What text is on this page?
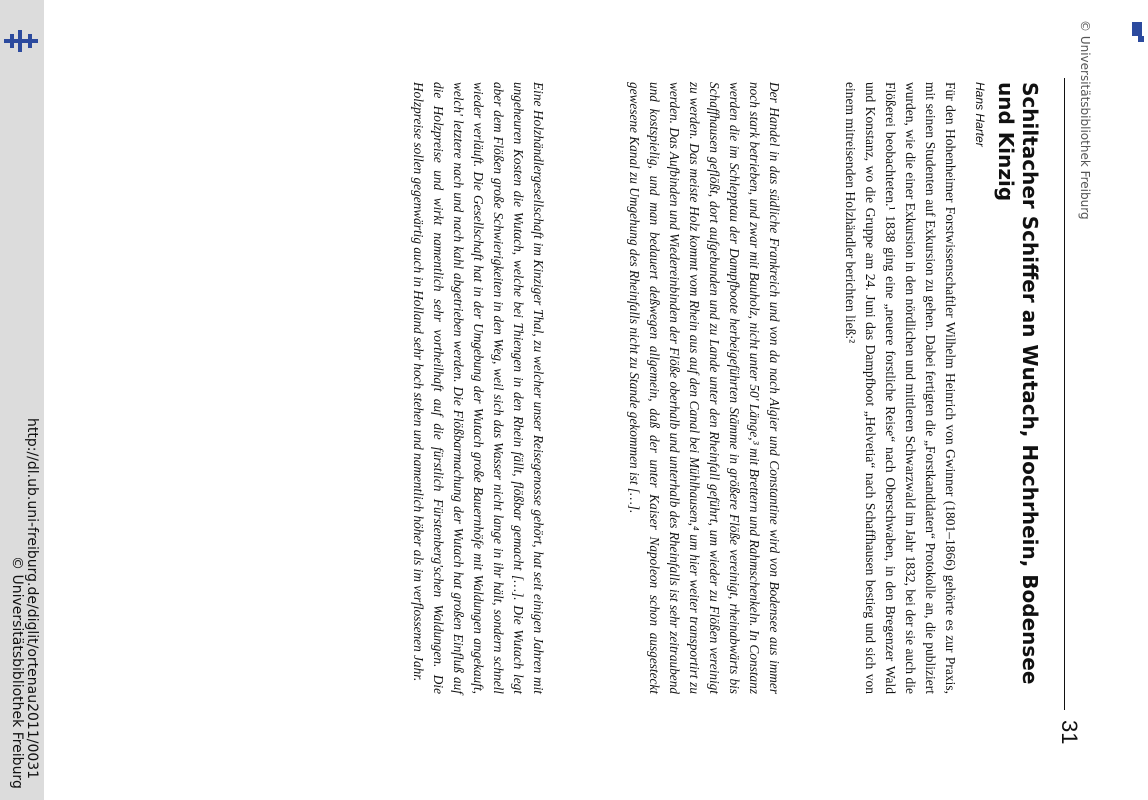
http://dl.ub.uni-freiburg.de/diglit/ortenau2011/0031
© Universitätsbibliothek Freiburg
© Universitätsbibliothek Freiburg
31
Schiltacher Schiffer an Wutach, Hochrhein, Bodensee und Kinzig
Hans Harter

Für den Hohenheimer Forstwissenschaftler Wilhelm Heinrich von Gwinner (1801–1866) gehörte es zur Praxis, mit seinen Studenten auf Exkursion zu gehen. Dabei fertigten die „Forstkandidaten“ Protokolle an, die publiziert wurden, wie die einer Exkursion in den nördlichen und mittleren Schwarzwald im Jahr 1832, bei der sie auch die Flößerei beobachteten.¹ 1838 ging eine „neuere forstliche Reise“ nach Oberschwaben, in den Bregenzer Wald und Konstanz, wo die Gruppe am 24. Juni das Dampfboot „Helvetia“ nach Schaffhausen bestieg und sich von einem mitreisenden Holzhändler berichten ließ:²

Der Handel in das südliche Frankreich und von da nach Algier und Constantine wird von Bodensee aus immer noch stark betrieben, und zwar mit Bauholz, nicht unter 50' Länge,³ mit Brettern und Rahmschenkeln. In Constanz werden die im Schlepptau der Dampfboote herbeigeführten Stämme in größere Flöße vereinigt, rheinabwärts bis Schaffhausen geflößt, dort aufgebunden und zu Lande unter den Rheinfall geführt, um wieder zu Flößen vereinigt zu werden. Das meiste Holz kommt vom Rhein aus auf den Canal bei Mühlhausen,⁴ um hier weiter transportirt zu werden. Das Aufbinden und Wiedereinbinden der Flöße oberhalb und unterhalb des Rheinfalls ist sehr zeitraubend und kostspielig, und man bedauert deßwegen allgemein, daß der unter Kaiser Napoleon schon ausgesteckt gewesene Kanal zu Umgehung des Rheinfalls nicht zu Stande gekommen ist […].

Eine Holzhändlergesellschaft im Kinziger Thal, zu welcher unser Reisegenosse gehört, hat seit einigen Jahren mit ungeheuren Kosten die Wutach, welche bei Thiengen in den Rhein fällt, flößbar gemacht […]. Die Wutach legt aber dem Flößen große Schwierigkeiten in den Weg, weil sich das Wasser nicht lange in ihr hält, sondern schnell wieder verläuft. Die Gesellschaft hat in der Umgebung der Wutach große Bauernhöfe mit Waldungen angekauft, welch' letztere nach und nach kahl abgetrieben werden. Die Flößbarmachung der Wutach hat großen Einfluß auf die Holzpreise und wirkt namentlich sehr vortheilhaft auf die fürstlich Fürstenberg'schen Waldungen. Die Holzpreise sollen gegenwärtig auch in Holland sehr hoch stehen und namentlich höher als im verflossenen Jahr.
